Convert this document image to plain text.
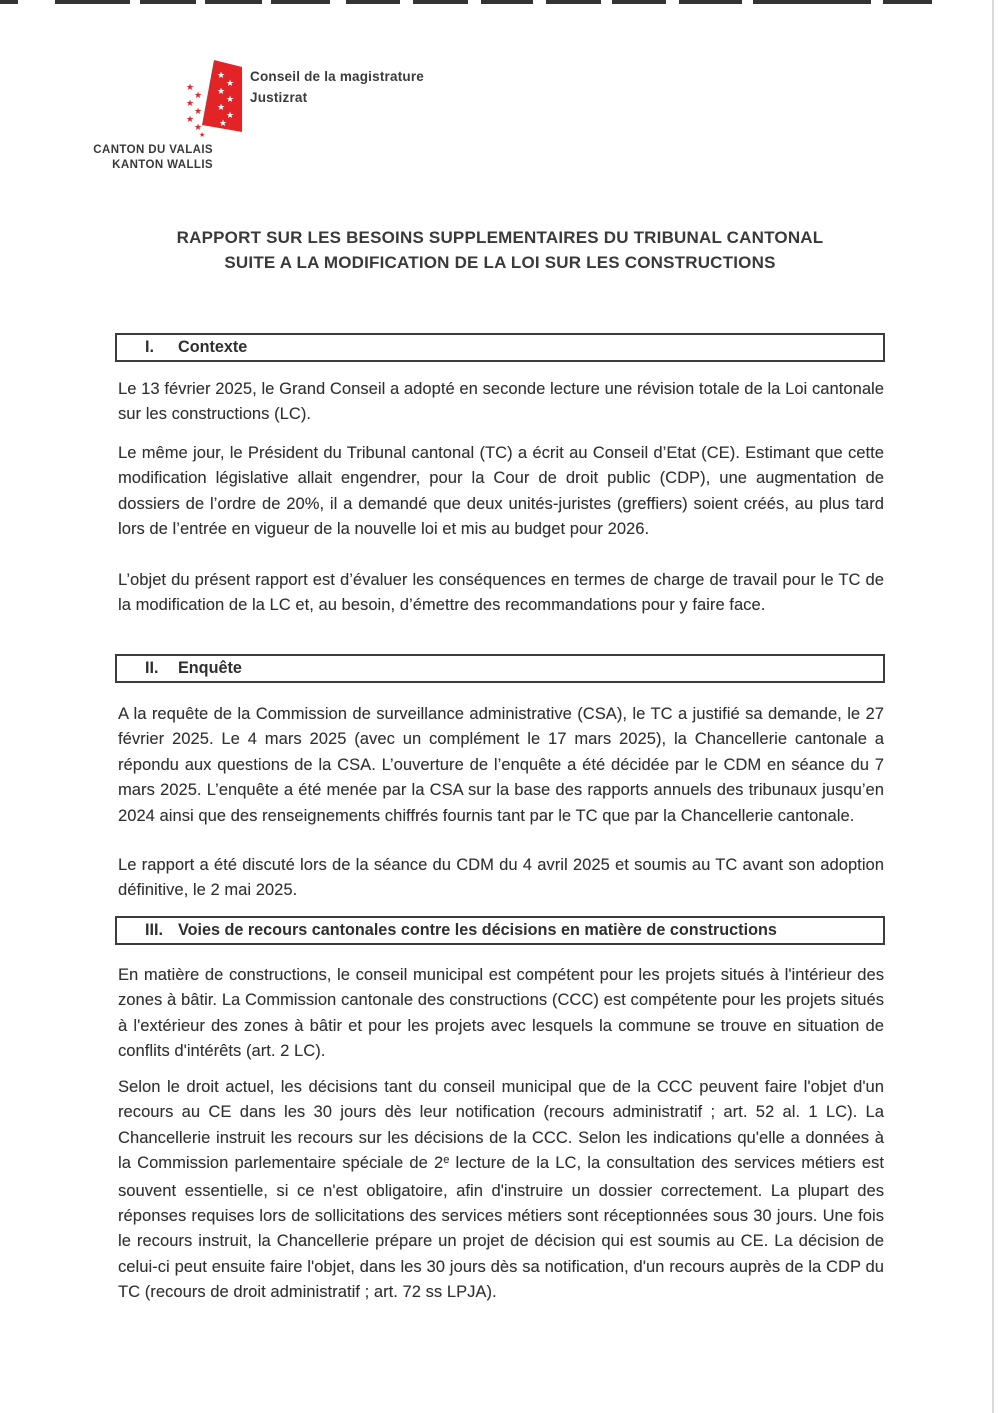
★
★
★
★
★
★
★
★
★
★
★
★
★
★
Conseil de la magistrature
Justizrat
CANTON DU VALAIS
KANTON WALLIS
RAPPORT SUR LES BESOINS SUPPLEMENTAIRES DU TRIBUNAL CANTONAL
SUITE A LA MODIFICATION DE LA LOI SUR LES CONSTRUCTIONS
I.	Contexte

Le 13 février 2025, le Grand Conseil a adopté en seconde lecture une révision totale de la Loi cantonale sur les constructions (LC).

Le même jour, le Président du Tribunal cantonal (TC) a écrit au Conseil d’Etat (CE). Estimant que cette modification législative allait engendrer, pour la Cour de droit public (CDP), une augmentation de dossiers de l’ordre de 20%, il a demandé que deux unités-juristes (greffiers) soient créés, au plus tard lors de l’entrée en vigueur de la nouvelle loi et mis au budget pour 2026.

L’objet du présent rapport est d’évaluer les conséquences en termes de charge de travail pour le TC de la modification de la LC et, au besoin, d’émettre des recommandations pour y faire face.

II.	Enquête

A la requête de la Commission de surveillance administrative (CSA), le TC a justifié sa demande, le 27 février 2025. Le 4 mars 2025 (avec un complément le 17 mars 2025), la Chancellerie cantonale a répondu aux questions de la CSA. L’ouverture de l’enquête a été décidée par le CDM en séance du 7 mars 2025. L’enquête a été menée par la CSA sur la base des rapports annuels des tribunaux jusqu’en 2024 ainsi que des renseignements chiffrés fournis tant par le TC que par la Chancellerie cantonale.

Le rapport a été discuté lors de la séance du CDM du 4 avril 2025 et soumis au TC avant son adoption définitive, le 2 mai 2025.

III. Voies de recours cantonales contre les décisions en matière de constructions

En matière de constructions, le conseil municipal est compétent pour les projets situés à l'intérieur des zones à bâtir. La Commission cantonale des constructions (CCC) est compétente pour les projets situés à l'extérieur des zones à bâtir et pour les projets avec lesquels la commune se trouve en situation de conflits d'intérêts (art. 2 LC).

Selon le droit actuel, les décisions tant du conseil municipal que de la CCC peuvent faire l'objet d'un recours au CE dans les 30 jours dès leur notification (recours administratif ; art. 52 al. 1 LC). La Chancellerie instruit les recours sur les décisions de la CCC. Selon les indications qu'elle a données à la Commission parlementaire spéciale de 2e lecture de la LC, la consultation des services métiers est souvent essentielle, si ce n'est obligatoire, afin d'instruire un dossier correctement. La plupart des réponses requises lors de sollicitations des services métiers sont réceptionnées sous 30 jours. Une fois le recours instruit, la Chancellerie prépare un projet de décision qui est soumis au CE. La décision de celui-ci peut ensuite faire l'objet, dans les 30 jours dès sa notification, d'un recours auprès de la CDP du TC (recours de droit administratif ; art. 72 ss LPJA).
